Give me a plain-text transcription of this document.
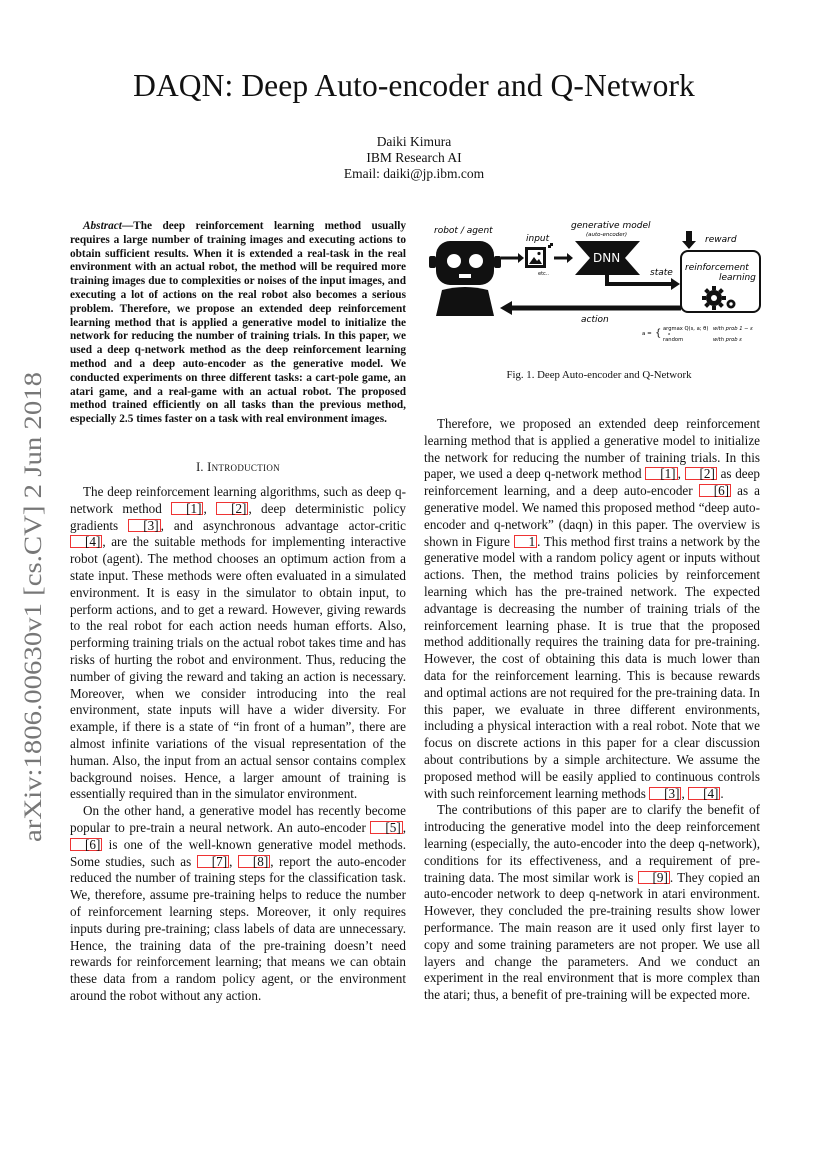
arXiv:1806.00630v1 [cs.CV] 2 Jun 2018
DAQN: Deep Auto-encoder and Q-Network
Daiki Kimura
IBM Research AI
Email: daiki@jp.ibm.com
Abstract—The deep reinforcement learning method usually requires a large number of training images and executing actions to obtain sufficient results. When it is extended a real-task in the real environment with an actual robot, the method will be required more training images due to complexities or noises of the input images, and executing a lot of actions on the real robot also becomes a serious problem. Therefore, we propose an extended deep reinforcement learning method that is applied a generative model to initialize the network for reducing the number of training trials. In this paper, we used a deep q-network method as the deep reinforcement learning method and a deep auto-encoder as the generative model. We conducted experiments on three different tasks: a cart-pole game, an atari game, and a real-game with an actual robot. The proposed method trained efficiently on all tasks than the previous method, especially 2.5 times faster on a task with real environment images.
I. Introduction

The deep reinforcement learning algorithms, such as deep q-network method [1] , [2] , deep deterministic policy gradients [3] , and asynchronous advantage actor-critic [4] , are the suitable methods for implementing interactive robot (agent). The method chooses an optimum action from a state input. These methods were often evaluated in a simulated environment. It is easy in the simulator to obtain input, to perform actions, and to get a reward. However, giving rewards to the real robot for each action needs human efforts. Also, performing training trials on the actual robot takes time and has risks of hurting the robot and environment. Thus, reducing the number of giving the reward and taking an action is necessary. Moreover, when we consider introducing into the real environment, state inputs will have a wider diversity. For example, if there is a state of “in front of a human”, there are almost infinite variations of the visual representation of the human. Also, the input from an actual sensor contains complex background noises. Hence, a larger amount of training is essentially required than in the simulator environment.

On the other hand, a generative model has recently become popular to pre-train a neural network. An auto-encoder [5] , [6] is one of the well-known generative model methods. Some studies, such as [7] , [8] , report the auto-encoder reduced the number of training steps for the classification task. We, therefore, assume pre-training helps to reduce the number of reinforcement learning steps. Moreover, it only requires inputs during pre-training; class labels of data are unnecessary. Hence, the training data of the pre-training doesn’t need rewards for reinforcement learning; that means we can obtain these data from a random policy agent, or the environment around the robot without any action.

robot / agent
input
etc..
generative model
(auto-encoder)
DNN
state
reward
reinforcement
learning
action
a = { argmax Q(s, a; θ)
a
random
with prob 1 − ε
with prob ε
Fig. 1. Deep Auto-encoder and Q-Network

Therefore, we proposed an extended deep reinforcement learning method that is applied a generative model to initialize the network for reducing the number of training trials. In this paper, we used a deep q-network method [1] , [2] as deep reinforcement learning, and a deep auto-encoder [6] as a generative model. We named this proposed method “deep auto-encoder and q-network” (daqn) in this paper. The overview is shown in Figure 1 . This method first trains a network by the generative model with a random policy agent or inputs without actions. Then, the method trains policies by reinforcement learning which has the pre-trained network. The expected advantage is decreasing the number of training trials of the reinforcement learning phase. It is true that the proposed method additionally requires the training data for pre-training. However, the cost of obtaining this data is much lower than data for the reinforcement learning. This is because rewards and optimal actions are not required for the pre-training data. In this paper, we evaluate in three different environments, including a physical interaction with a real robot. Note that we focus on discrete actions in this paper for a clear discussion about contributions by a simple architecture. We assume the proposed method will be easily applied to continuous controls with such reinforcement learning methods [3] , [4] .

The contributions of this paper are to clarify the benefit of introducing the generative model into the deep reinforcement learning (especially, the auto-encoder into the deep q-network), conditions for its effectiveness, and a requirement of pre-training data. The most similar work is [9] . They copied an auto-encoder network to deep q-network in atari environment. However, they concluded the pre-training results show lower performance. The main reason are it used only first layer to copy and some training parameters are not proper. We use all layers and change the parameters. And we conduct an experiment in the real environment that is more complex than the atari; thus, a benefit of pre-training will be expected more.
